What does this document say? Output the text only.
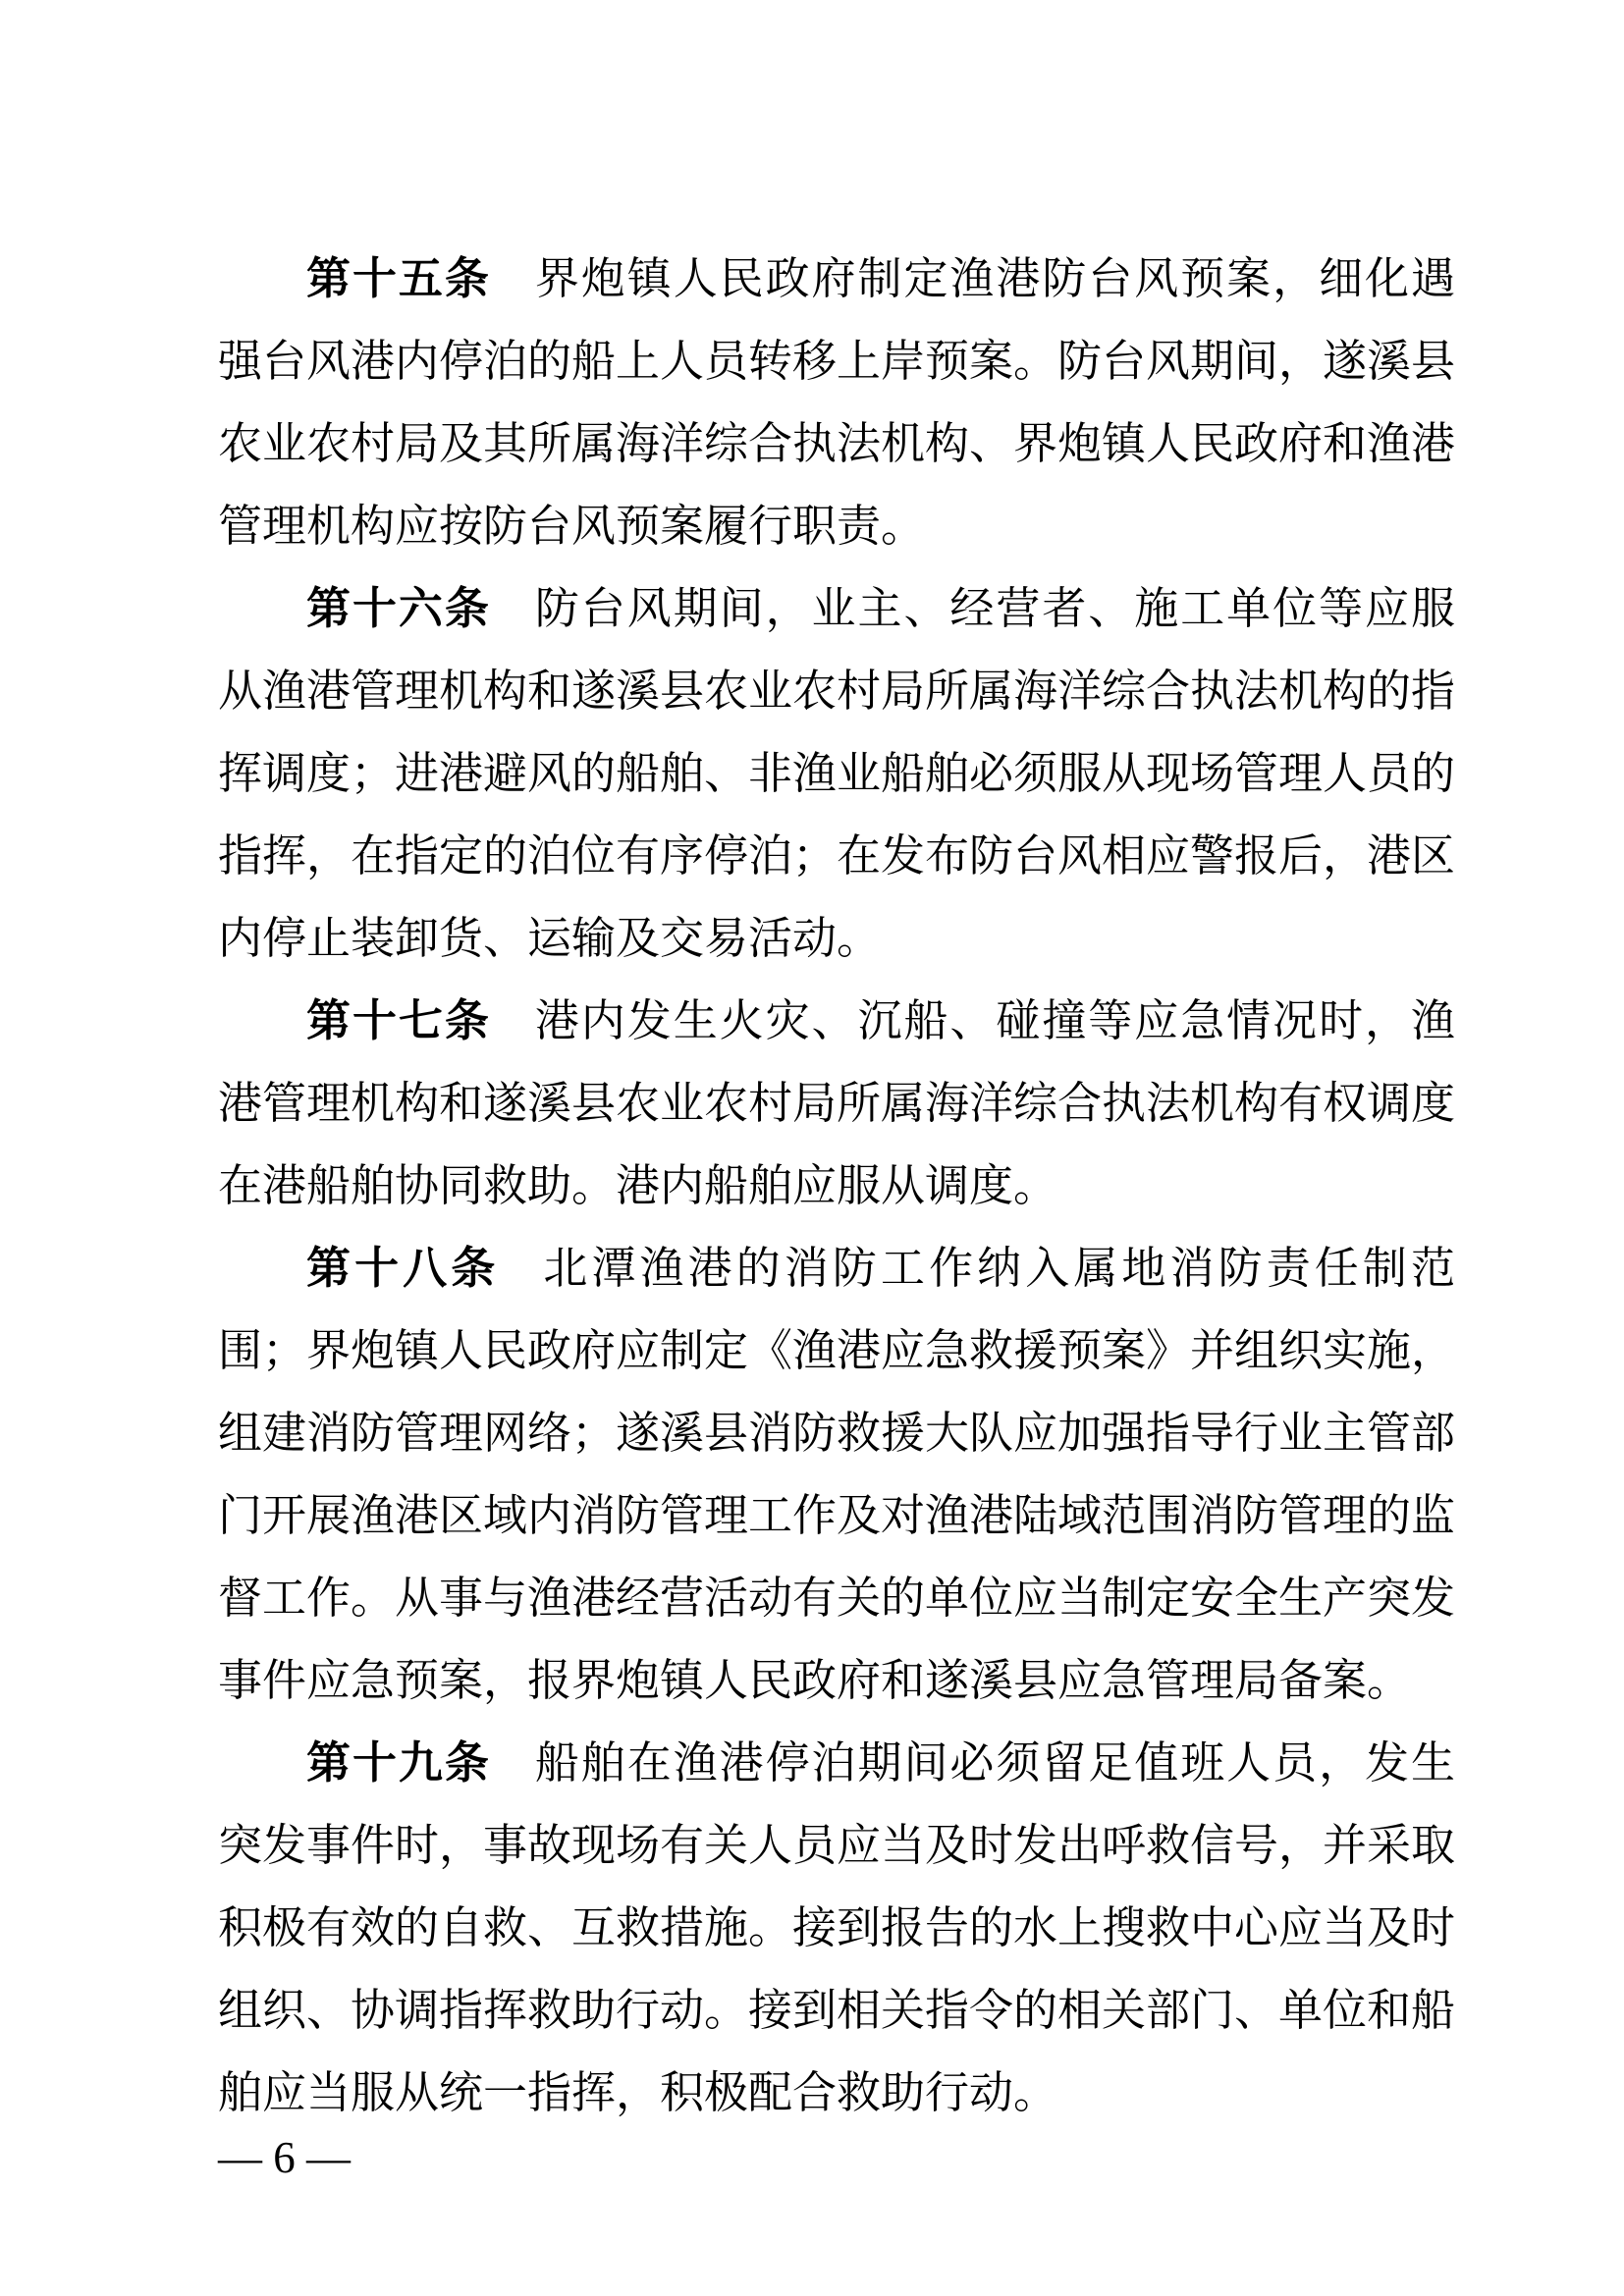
第十五条 界炮镇人民政府制定渔港防台风预案，细化遇强台风港内停泊的船上人员转移上岸预案。防台风期间，遂溪县农业农村局及其所属海洋综合执法机构、界炮镇人民政府和渔港管理机构应按防台风预案履行职责。

第十六条 防台风期间，业主、经营者、施工单位等应服从渔港管理机构和遂溪县农业农村局所属海洋综合执法机构的指挥调度；进港避风的船舶、非渔业船舶必须服从现场管理人员的指挥，在指定的泊位有序停泊；在发布防台风相应警报后，港区内停止装卸货、运输及交易活动。

第十七条 港内发生火灾、沉船、碰撞等应急情况时，渔港管理机构和遂溪县农业农村局所属海洋综合执法机构有权调度在港船舶协同救助。港内船舶应服从调度。

第十八条 北潭渔港的消防工作纳入属地消防责任制范围；界炮镇人民政府应制定《渔港应急救援预案》并组织实施，组建消防管理网络；遂溪县消防救援大队应加强指导行业主管部门开展渔港区域内消防管理工作及对渔港陆域范围消防管理的监督工作。从事与渔港经营活动有关的单位应当制定安全生产突发事件应急预案，报界炮镇人民政府和遂溪县应急管理局备案。

第十九条 船舶在渔港停泊期间必须留足值班人员，发生突发事件时，事故现场有关人员应当及时发出呼救信号，并采取积极有效的自救、互救措施。接到报告的水上搜救中心应当及时组织、协调指挥救助行动。接到相关指令的相关部门、单位和船舶应当服从统一指挥，积极配合救助行动。

— 6 —
